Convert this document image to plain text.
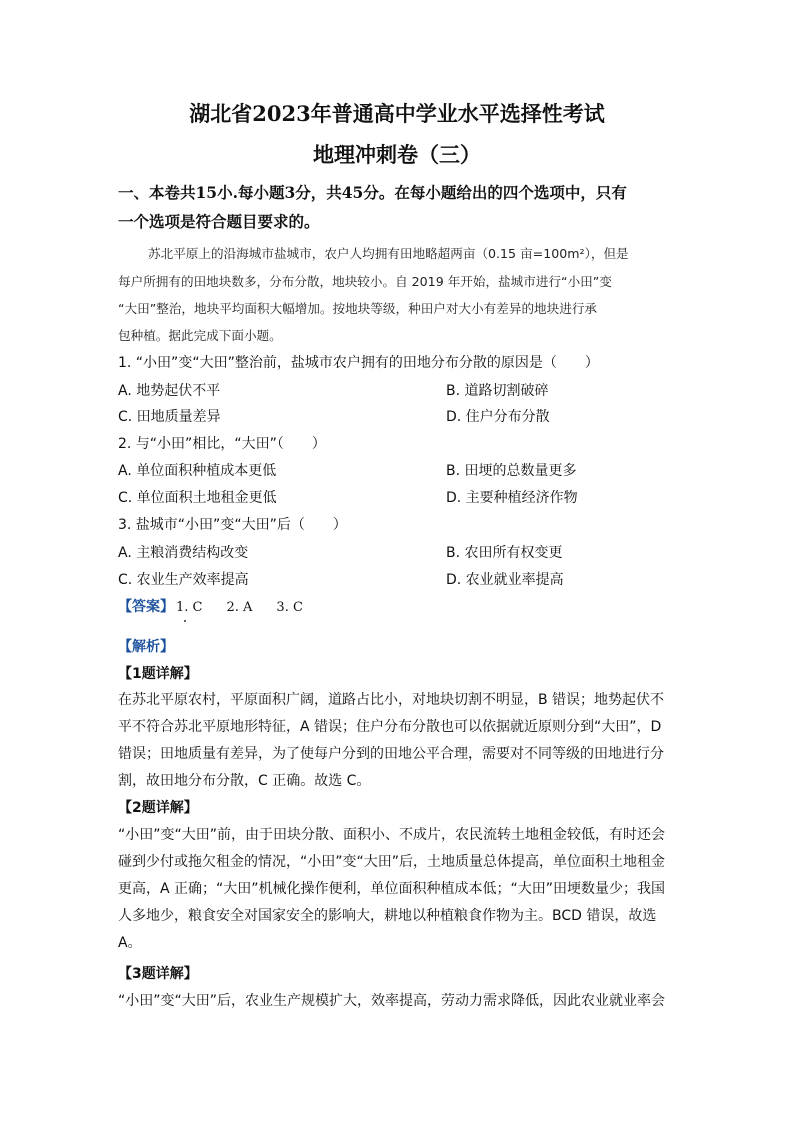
湖北省2023年普通高中学业水平选择性考试
地理冲刺卷（三）
一、本卷共15小.每小题3分，共45分。在每小题给出的四个选项中，只有
一个选项是符合题目要求的。
苏北平原上的沿海城市盐城市，农户人均拥有田地略超两亩（0.15 亩=100m²），但是
每户所拥有的田地块数多，分布分散，地块较小。自 2019 年开始，盐城市进行“小田”变
“大田”整治，地块平均面积大幅增加。按地块等级，种田户对大小有差异的地块进行承
包种植。据此完成下面小题。
1. “小田”变“大田”整治前，盐城市农户拥有的田地分布分散的原因是（　　）
A. 地势起伏不平	B. 道路切割破碎
C. 田地质量差异	D. 住户分布分散
2. 与“小田”相比，“大田”（　　）
A. 单位面积种植成本更低	B. 田埂的总数量更多
C. 单位面积土地租金更低	D. 主要种植经济作物
3. 盐城市“小田”变“大田”后（　　）
A. 主粮消费结构改变	B. 农田所有权变更
C. 农业生产效率提高	D. 农业就业率提高
【答案】 1. C 2. A 3. C
【解析】
【1题详解】
在苏北平原农村，平原面积广阔，道路占比小，对地块切割不明显，B 错误；地势起伏不
平不符合苏北平原地形特征，A 错误；住户分布分散也可以依据就近原则分到“大田”，D
错误；田地质量有差异，为了使每户分到的田地公平合理，需要对不同等级的田地进行分
割，故田地分布分散，C 正确。故选 C。
【2题详解】
“小田”变“大田”前，由于田块分散、面积小、不成片，农民流转土地租金较低，有时还会
碰到少付或拖欠租金的情况，“小田”变“大田”后，土地质量总体提高，单位面积土地租金
更高，A 正确；“大田”机械化操作便利，单位面积种植成本低；“大田”田埂数量少；我国
人多地少，粮食安全对国家安全的影响大，耕地以种植粮食作物为主。BCD 错误，故选
A。
【3题详解】
“小田”变“大田”后，农业生产规模扩大，效率提高，劳动力需求降低，因此农业就业率会
